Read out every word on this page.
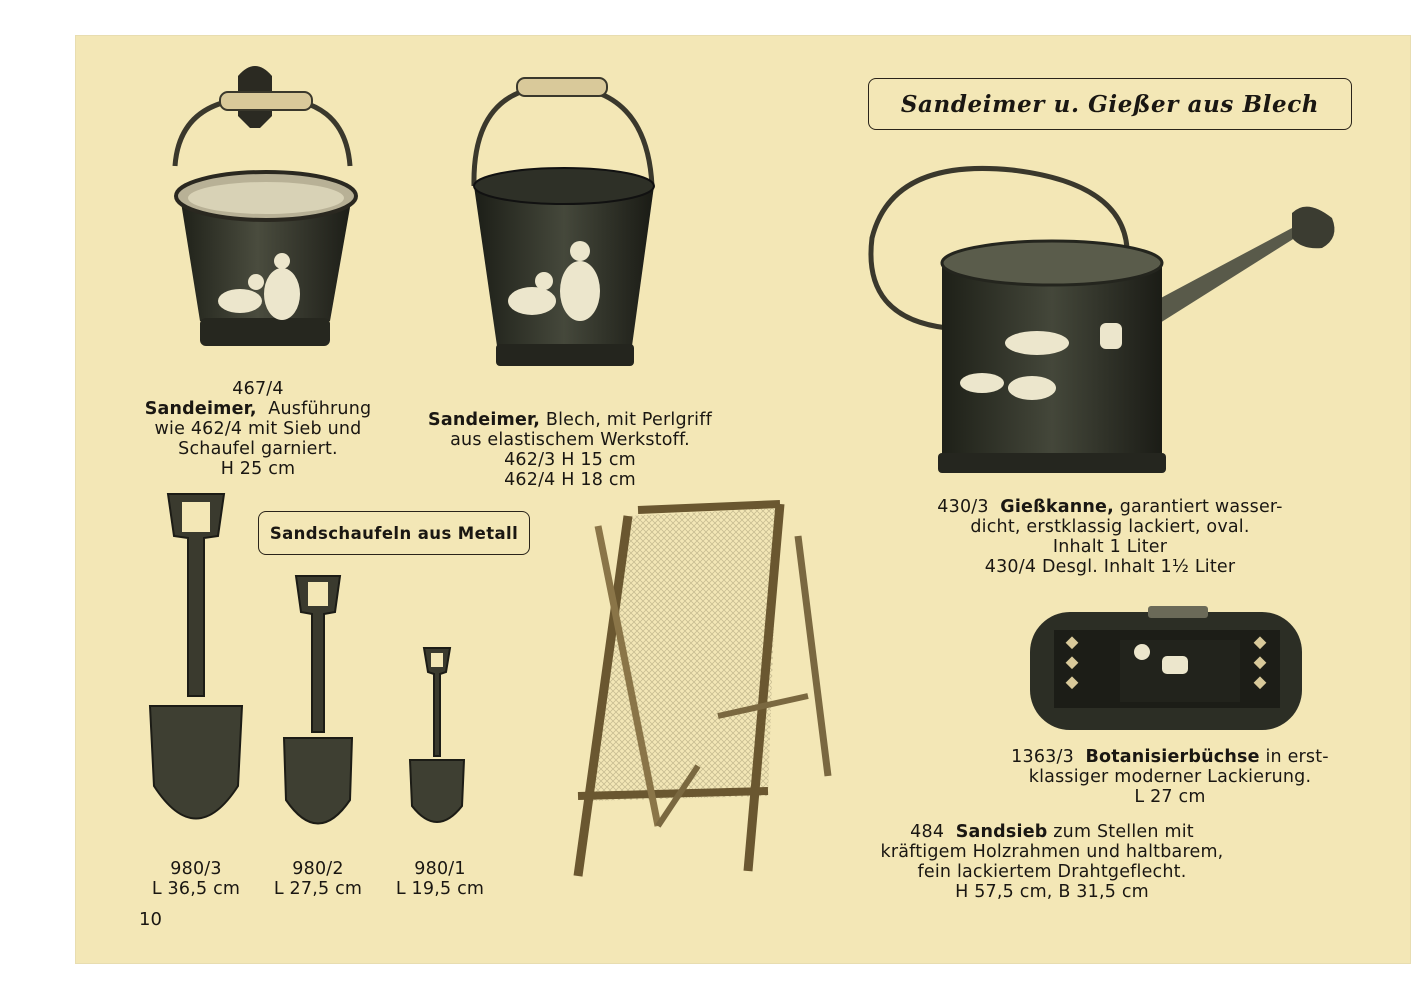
Sandeimer u. Gießer aus Blech
Sandschaufeln aus Metall
467/4
Sandeimer, Ausführung
wie 462/4 mit Sieb und
Schaufel garniert.
H 25 cm
Sandeimer, Blech, mit Perlgriff
aus elastischem Werkstoff.
462/3 H 15 cm
462/4 H 18 cm
430/3 Gießkanne, garantiert wasser-
dicht, erstklassig lackiert, oval.
Inhalt 1 Liter
430/4 Desgl. Inhalt 1½ Liter
1363/3 Botanisierbüchse in erst-
klassiger moderner Lackierung.
L 27 cm
484 Sandsieb zum Stellen mit
kräftigem Holzrahmen und haltbarem,
fein lackiertem Drahtgeflecht.
H 57,5 cm, B 31,5 cm
980/3
L 36,5 cm
980/2
L 27,5 cm
980/1
L 19,5 cm
10
